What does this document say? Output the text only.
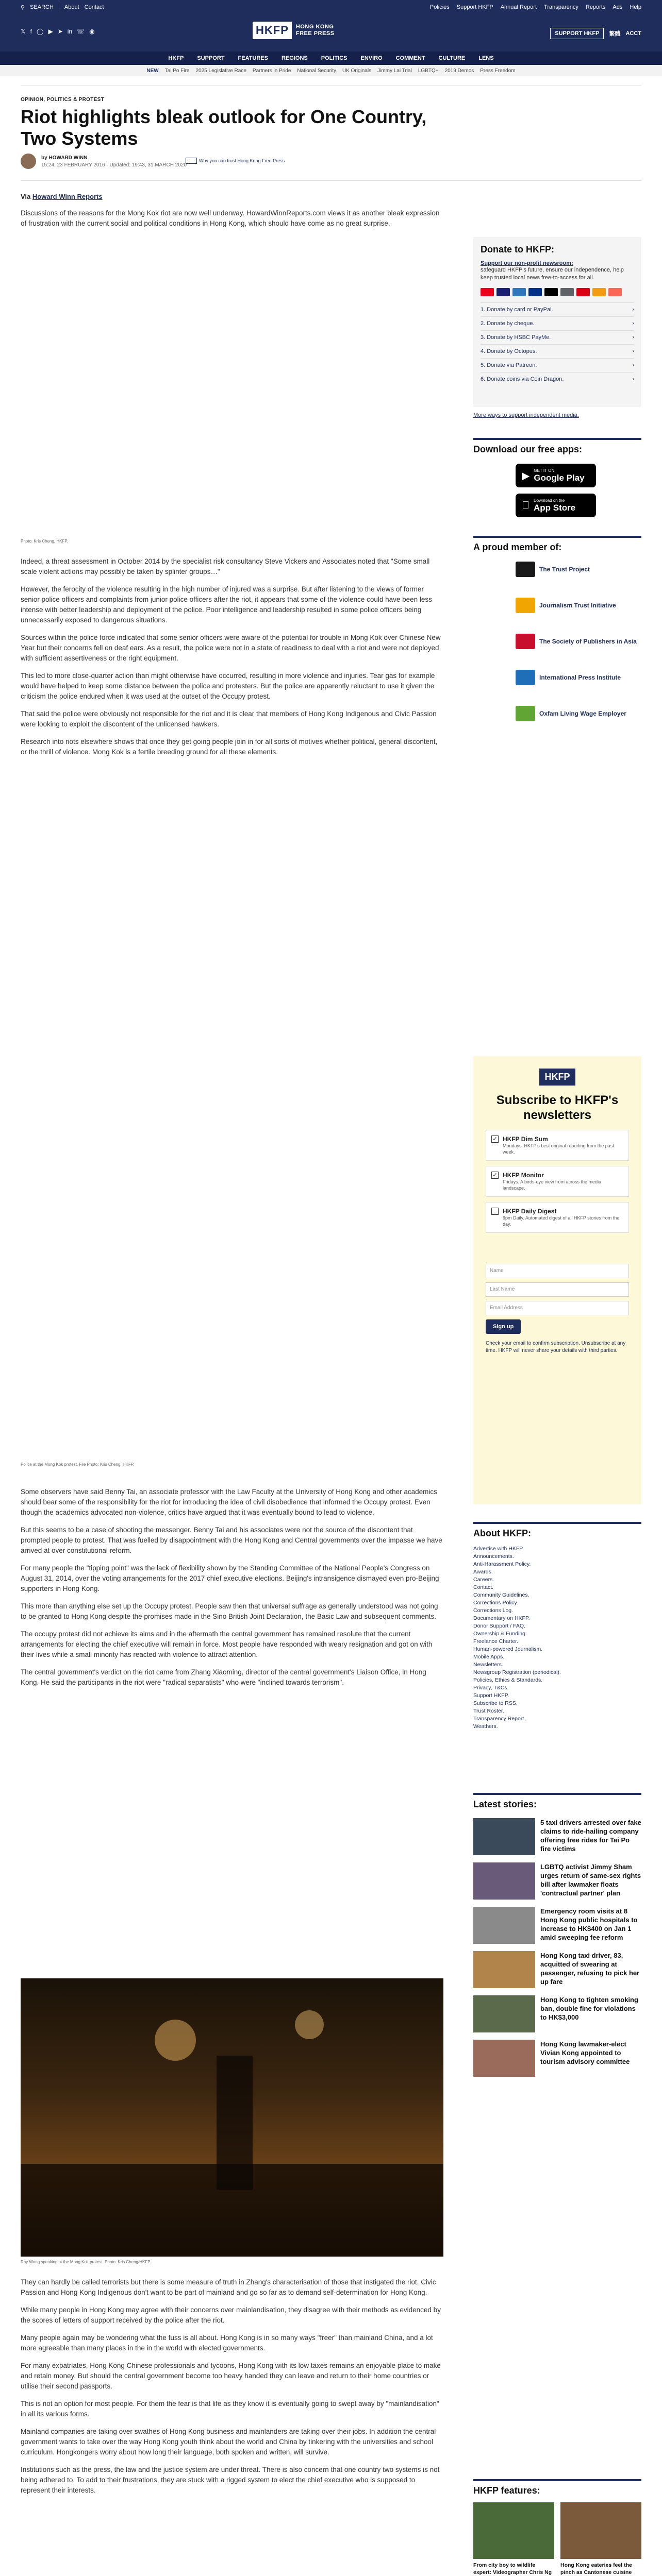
⚲ SEARCH About Contact	Policies Support HKFP Annual Report Transparency Reports Ads Help
𝕏 f ◯ ▶ ➤ in ☏ ◉	HKFP	HONG KONG
FREE PRESS	SUPPORT HKFP	繁體 ACCT
HKFP SUPPORT FEATURES REGIONS POLITICS ENVIRO COMMENT CULTURE LENS
NEW Tai Po Fire 2025 Legislative Race Partners in Pride National Security UK Originals Jimmy Lai Trial LGBTQ+ 2019 Demos Press Freedom
OPINION, POLITICS & PROTEST
Riot highlights bleak outlook for One Country, Two Systems
by HOWARD WINN
15:24, 23 FEBRUARY 2016 · Updated: 19:43, 31 MARCH 2020
Why you can trust Hong Kong Free Press
Via Howard Winn Reports

Discussions of the reasons for the Mong Kok riot are now well underway. HowardWinnReports.com views it as another bleak expression of frustration with the current social and political conditions in Hong Kong, which should have come as no great surprise.

Photo: Kris Cheng, HKFP.

Indeed, a threat assessment in October 2014 by the specialist risk consultancy Steve Vickers and Associates noted that "Some small scale violent actions may possibly be taken by splinter groups…"

However, the ferocity of the violence resulting in the high number of injured was a surprise. But after listening to the views of former senior police officers and complaints from junior police officers after the riot, it appears that some of the violence could have been less intense with better leadership and deployment of the police. Poor intelligence and leadership resulted in some police officers being unnecessarily exposed to dangerous situations.

Sources within the police force indicated that some senior officers were aware of the potential for trouble in Mong Kok over Chinese New Year but their concerns fell on deaf ears. As a result, the police were not in a state of readiness to deal with a riot and were not deployed with sufficient assertiveness or the right equipment.

This led to more close-quarter action than might otherwise have occurred, resulting in more violence and injuries. Tear gas for example would have helped to keep some distance between the police and protesters. But the police are apparently reluctant to use it given the criticism the police endured when it was used at the outset of the Occupy protest.

That said the police were obviously not responsible for the riot and it is clear that members of Hong Kong Indigenous and Civic Passion were looking to exploit the discontent of the unlicensed hawkers.

Research into riots elsewhere shows that once they get going people join in for all sorts of motives whether political, general discontent, or the thrill of violence. Mong Kok is a fertile breeding ground for all these elements.

Police at the Mong Kok protest. File Photo: Kris Cheng, HKFP.

Some observers have said Benny Tai, an associate professor with the Law Faculty at the University of Hong Kong and other academics should bear some of the responsibility for the riot for introducing the idea of civil disobedience that informed the Occupy protest. Even though the academics advocated non-violence, critics have argued that it was eventually bound to lead to violence.

But this seems to be a case of shooting the messenger. Benny Tai and his associates were not the source of the discontent that prompted people to protest. That was fuelled by disappointment with the Hong Kong and Central governments over the impasse we have arrived at over constitutional reform.

For many people the "tipping point" was the lack of flexibility shown by the Standing Committee of the National People's Congress on August 31, 2014, over the voting arrangements for the 2017 chief executive elections. Beijing's intransigence dismayed even pro-Beijing supporters in Hong Kong.

This more than anything else set up the Occupy protest. People saw then that universal suffrage as generally understood was not going to be granted to Hong Kong despite the promises made in the Sino British Joint Declaration, the Basic Law and subsequent comments.

The occupy protest did not achieve its aims and in the aftermath the central government has remained resolute that the current arrangements for electing the chief executive will remain in force. Most people have responded with weary resignation and got on with their lives while a small minority has reacted with violence to attract attention.

The central government's verdict on the riot came from Zhang Xiaoming, director of the central government's Liaison Office, in Hong Kong. He said the participants in the riot were "radical separatists" who were "inclined towards terrorism".

Ray Wong speaking at the Mong Kok protest. Photo: Kris Cheng/HKFP.

They can hardly be called terrorists but there is some measure of truth in Zhang's characterisation of those that instigated the riot. Civic Passion and Hong Kong Indigenous don't want to be part of mainland and go so far as to demand self-determination for Hong Kong.

While many people in Hong Kong may agree with their concerns over mainlandisation, they disagree with their methods as evidenced by the scores of letters of support received by the police after the riot.

Many people again may be wondering what the fuss is all about. Hong Kong is in so many ways "freer" than mainland China, and a lot more agreeable than many places in the in the world with elected governments.

For many expatriates, Hong Kong Chinese professionals and tycoons, Hong Kong with its low taxes remains an enjoyable place to make and retain money. But should the central government become too heavy handed they can leave and return to their home countries or utilise their second passports.

This is not an option for most people. For them the fear is that life as they know it is eventually going to swept away by "mainlandisation" in all its various forms.

Mainland companies are taking over swathes of Hong Kong business and mainlanders are taking over their jobs. In addition the central government wants to take over the way Hong Kong youth think about the world and China by tinkering with the universities and school curriculum. Hongkongers worry about how long their language, both spoken and written, will survive.

Institutions such as the press, the law and the justice system are under threat. There is also concern that one country two systems is not being adhered to. To add to their frustrations, they are stuck with a rigged system to elect the chief executive who is supposed to represent their interests.

Donate to HKFP:
Support our non-profit newsroom:
safeguard HKFP's future, ensure our independence, help keep trusted local news free-to-access for all.
1. Donate by card or PayPal.	›
2. Donate by cheque.	›
3. Donate by HSBC PayMe.	›
4. Donate by Octopus.	›
5. Donate via Patreon.	›
6. Donate coins via Coin Dragon.	›
More ways to support independent media.
Download our free apps:
▶ GET IT ON
Google Play
Download on the
App Store
A proud member of:
The Trust Project
Journalism Trust Initiative
The Society of Publishers in Asia
International Press Institute
Oxfam Living Wage Employer
HKFP
Subscribe to HKFP's newsletters
✓ HKFP Dim Sum
Mondays. HKFP's best original reporting from the past week.
✓ HKFP Monitor
Fridays. A birds-eye view from across the media landscape.
HKFP Daily Digest
9pm Daily. Automated digest of all HKFP stories from the day.
Name
Last Name
Email Address
Sign up
Check your email to confirm subscription. Unsubscribe at any time. HKFP will never share your details with third parties.
About HKFP:
Advertise with HKFP.
Announcements.
Anti-Harassment Policy.
Awards.
Careers.
Contact.
Community Guidelines.
Corrections Policy.
Corrections Log.
Documentary on HKFP.
Donor Support / FAQ.
Ownership & Funding.
Freelance Charter.
Human-powered Journalism.
Mobile Apps.
Newsletters.
Newsgroup Registration (periodical).
Policies, Ethics & Standards.
Privacy, T&Cs.
Support HKFP.
Subscribe to RSS.
Trust Roster.
Transparency Report.
Weathers.
Latest stories:
5 taxi drivers arrested over fake claims to ride-hailing company offering free rides for Tai Po fire victims
LGBTQ activist Jimmy Sham urges return of same-sex rights bill after lawmaker floats 'contractual partner' plan
Emergency room visits at 8 Hong Kong public hospitals to increase to HK$400 on Jan 1 amid sweeping fee reform
Hong Kong taxi driver, 83, acquitted of swearing at passenger, refusing to pick her up fare
Hong Kong to tighten smoking ban, double fine for violations to HK$3,000
Hong Kong lawmaker-elect Vivian Kong appointed to tourism advisory committee
HKFP features:
From city boy to wildlife expert: Videographer Chris Ng
Hong Kong eateries feel the pinch as Cantonese cuisine
